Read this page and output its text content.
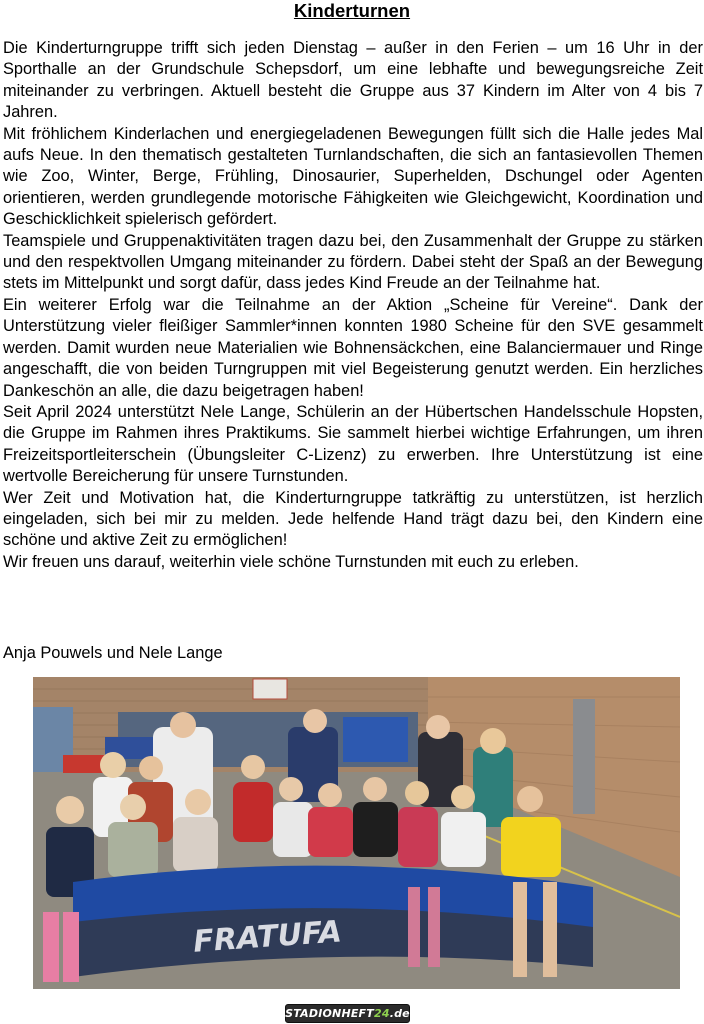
Kinderturnen

Die Kinderturngruppe trifft sich jeden Dienstag – außer in den Ferien – um 16 Uhr in der Sporthalle an der Grundschule Schepsdorf, um eine lebhafte und bewegungsreiche Zeit miteinander zu verbringen. Aktuell besteht die Gruppe aus 37 Kindern im Alter von 4 bis 7 Jahren.

Mit fröhlichem Kinderlachen und energiegeladenen Bewegungen füllt sich die Halle jedes Mal aufs Neue. In den thematisch gestalteten Turnlandschaften, die sich an fantasievollen Themen wie Zoo, Winter, Berge, Frühling, Dinosaurier, Superhelden, Dschungel oder Agenten orientieren, werden grundlegende motorische Fähigkeiten wie Gleichgewicht, Koordination und Geschicklichkeit spielerisch gefördert.

Teamspiele und Gruppenaktivitäten tragen dazu bei, den Zusammenhalt der Gruppe zu stärken und den respektvollen Umgang miteinander zu fördern. Dabei steht der Spaß an der Bewegung stets im Mittelpunkt und sorgt dafür, dass jedes Kind Freude an der Teilnahme hat.

Ein weiterer Erfolg war die Teilnahme an der Aktion „Scheine für Vereine“. Dank der Unterstützung vieler fleißiger Sammler*innen konnten 1980 Scheine für den SVE gesammelt werden. Damit wurden neue Materialien wie Bohnensäckchen, eine Balanciermauer und Ringe angeschafft, die von beiden Turngruppen mit viel Begeisterung genutzt werden. Ein herzliches Dankeschön an alle, die dazu beigetragen haben!

Seit April 2024 unterstützt Nele Lange, Schülerin an der Hübertschen Handelsschule Hopsten, die Gruppe im Rahmen ihres Praktikums. Sie sammelt hierbei wichtige Erfahrungen, um ihren Freizeitsportleiterschein (Übungsleiter C-Lizenz) zu erwerben. Ihre Unterstützung ist eine wertvolle Bereicherung für unsere Turnstunden.

Wer Zeit und Motivation hat, die Kinderturngruppe tatkräftig zu unterstützen, ist herzlich eingeladen, sich bei mir zu melden. Jede helfende Hand trägt dazu bei, den Kindern eine schöne und aktive Zeit zu ermöglichen!

Wir freuen uns darauf, weiterhin viele schöne Turnstunden mit euch zu erleben.

Anja Pouwels und Nele Lange
FRATUFA
STADIONHEFT 24 .de
